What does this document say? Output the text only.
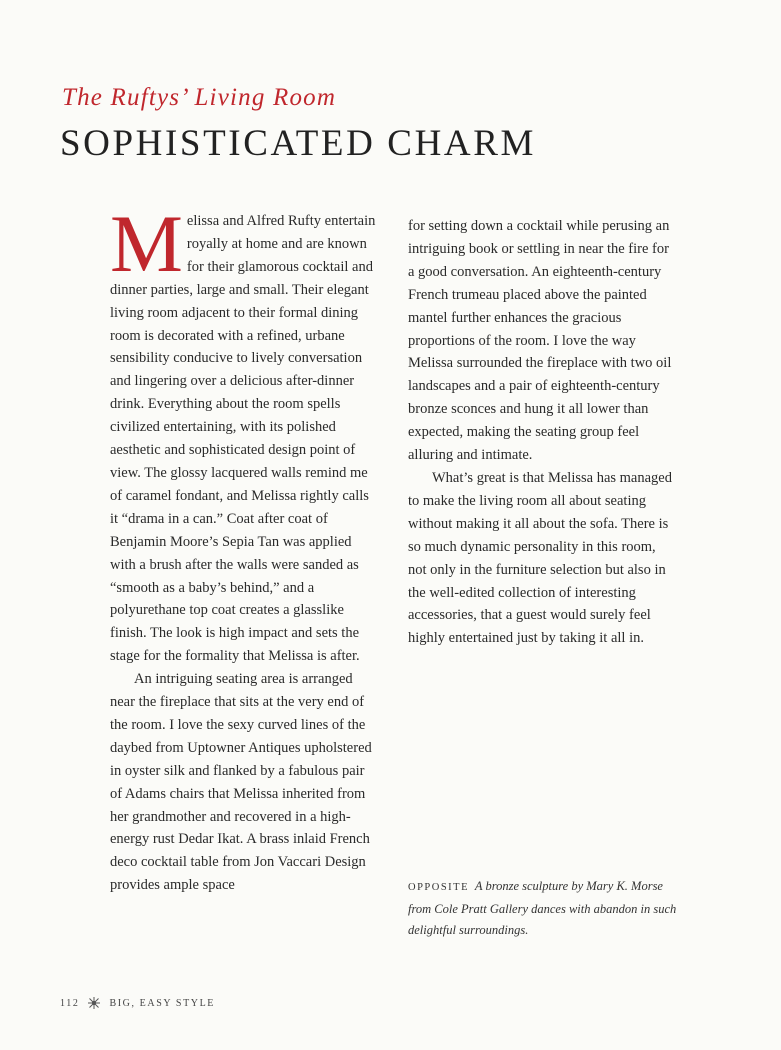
The Ruftys’ Living Room
SOPHISTICATED CHARM

Melissa and Alfred Rufty entertain royally at home and are known for their glamorous cocktail and dinner parties, large and small. Their elegant living room adjacent to their formal dining room is decorated with a refined, urbane sensibility conducive to lively conversation and lingering over a delicious after-dinner drink. Everything about the room spells civilized entertaining, with its polished aesthetic and sophisticated design point of view. The glossy lacquered walls remind me of caramel fondant, and Melissa rightly calls it “drama in a can.” Coat after coat of Benjamin Moore’s Sepia Tan was applied with a brush after the walls were sanded as “smooth as a baby’s behind,” and a polyurethane top coat creates a glasslike finish. The look is high impact and sets the stage for the formality that Melissa is after.

An intriguing seating area is arranged near the fireplace that sits at the very end of the room. I love the sexy curved lines of the daybed from Uptowner Antiques upholstered in oyster silk and flanked by a fabulous pair of Adams chairs that Melissa inherited from her grandmother and recovered in a high-energy rust Dedar Ikat. A brass inlaid French deco cocktail table from Jon Vaccari Design provides ample space

for setting down a cocktail while perusing an intriguing book or settling in near the fire for a good conversation. An eighteenth-century French trumeau placed above the painted mantel further enhances the gracious proportions of the room. I love the way Melissa surrounded the fireplace with two oil landscapes and a pair of eighteenth-century bronze sconces and hung it all lower than expected, making the seating group feel alluring and intimate.

What’s great is that Melissa has managed to make the living room all about seating without making it all about the sofa. There is so much dynamic personality in this room, not only in the furniture selection but also in the well-edited collection of interesting accessories, that a guest would surely feel highly entertained just by taking it all in.

OPPOSITE A bronze sculpture by Mary K. Morse from Cole Pratt Gallery dances with abandon in such delightful surroundings.
112	BIG, EASY STYLE
